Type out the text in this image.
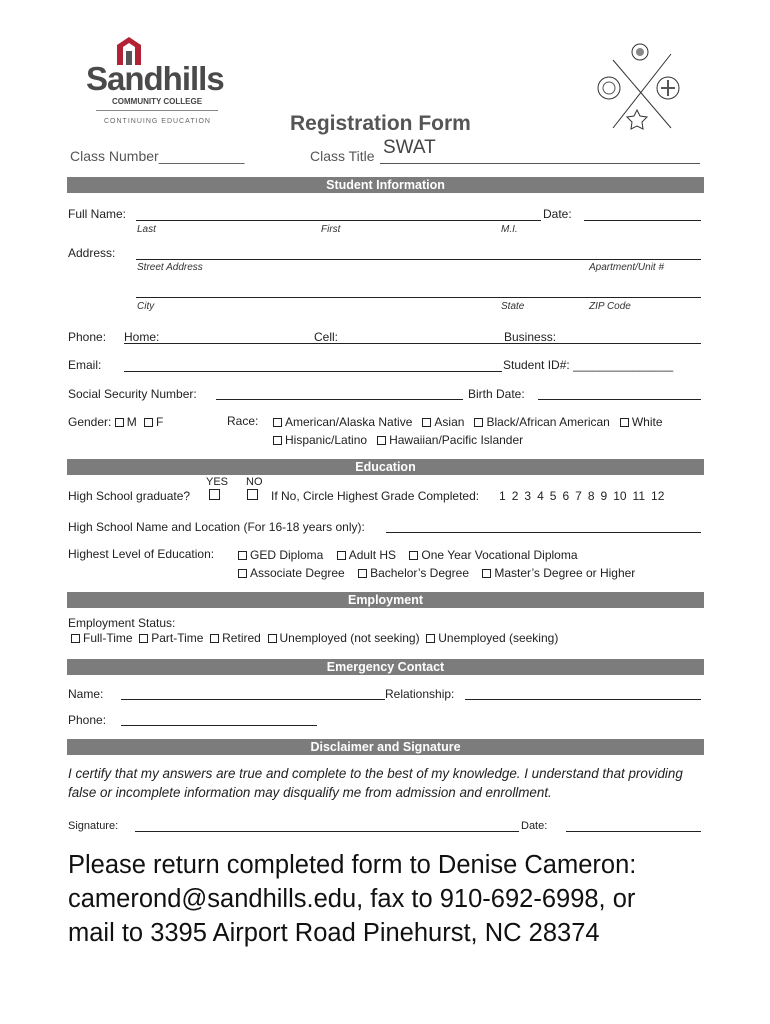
Sandhills
COMMUNITY COLLEGE
CONTINUING EDUCATION	Registration Form
Class Number___________	Class Title SWAT
Student Information
Full Name:	Date:
Last	First	M.I.
Address:
Street Address	Apartment/Unit #
City	State	ZIP Code
Phone: Home:	Cell:	Business:
Email:	Student ID#: _______________
Social Security Number:	Birth Date:
Gender: M F	Race:	American/Alaska Native Asian Black/African American White
Hispanic/Latino Hawaiian/Pacific Islander
Education
YES NO
High School graduate?	If No, Circle Highest Grade Completed: 1 2 3 4 5 6 7 8 9 10 11 12
High School Name and Location (For 16-18 years only):
Highest Level of Education:	GED Diploma Adult HS One Year Vocational Diploma
Associate Degree Bachelor’s Degree Master’s Degree or Higher
Employment
Employment Status:
Full-Time Part-Time Retired Unemployed (not seeking) Unemployed (seeking)
Emergency Contact
Name:	Relationship:
Phone:
Disclaimer and Signature
I certify that my answers are true and complete to the best of my knowledge. I understand that providing false or incomplete information may disqualify me from admission and enrollment.
Signature:	Date:
Please return completed form to Denise Cameron:
camerond@sandhills.edu, fax to 910-692-6998, or
mail to 3395 Airport Road Pinehurst, NC 28374
